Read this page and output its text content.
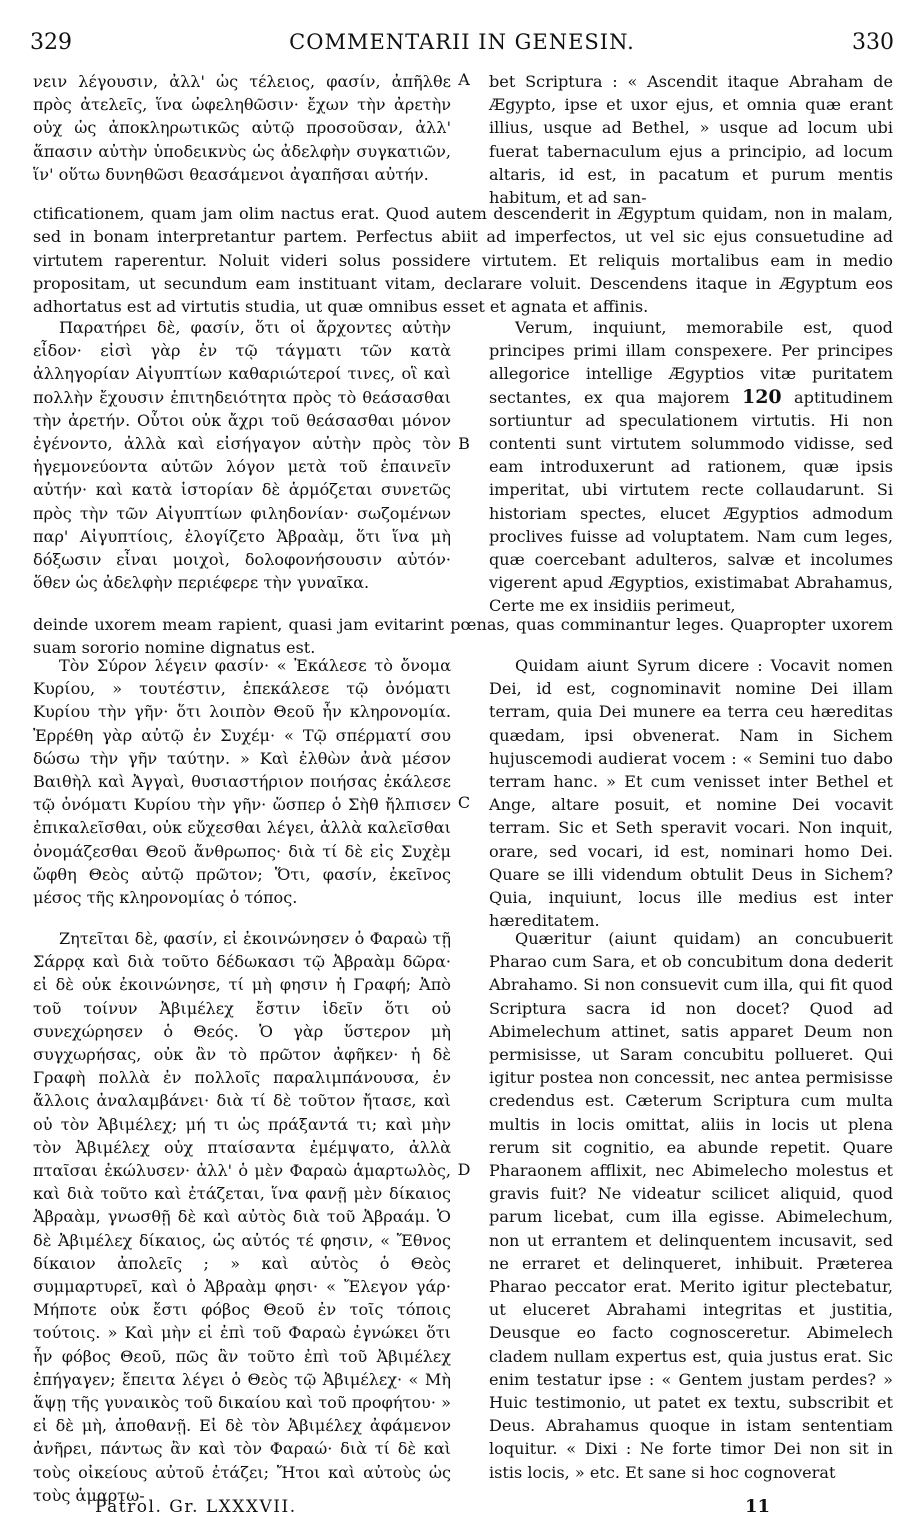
329	COMMENTARII IN GENESIN.	330

νειν λέγουσιν, ἀλλ' ὡς τέλειος, φασίν, ἀπῆλθε πρὸς ἀτελεῖς, ἵνα ὠφεληθῶσιν· ἔχων τὴν ἀρετὴν οὐχ ὡς ἀποκληρωτικῶς αὐτῷ προσοῦσαν, ἀλλ' ἅπασιν αὐτὴν ὑποδεικνὺς ὡς ἀδελφὴν συγκατιῶν, ἵν' οὕτω δυνηθῶσι θεασάμενοι ἀγαπῆσαι αὐτήν.

A bet Scriptura : « Ascendit itaque Abraham de Ægypto, ipse et uxor ejus, et omnia quæ erant illius, usque ad Bethel, » usque ad locum ubi fuerat tabernaculum ejus a principio, ad locum altaris, id est, in pacatum et purum mentis habitum, et ad san-

ctificationem, quam jam olim nactus erat. Quod autem descenderit in Ægyptum quidam, non in malam, sed in bonam interpretantur partem. Perfectus abiit ad imperfectos, ut vel sic ejus consuetudine ad virtutem raperentur. Noluit videri solus possidere virtutem. Et reliquis mortalibus eam in medio propositam, ut secundum eam instituant vitam, declarare voluit. Descendens itaque in Ægyptum eos adhortatus est ad virtutis studia, ut quæ omnibus esset et agnata et affinis.

Παρατήρει δὲ, φασίν, ὅτι οἱ ἄρχοντες αὐτὴν εἶδον· εἰσὶ γὰρ ἐν τῷ τάγματι τῶν κατὰ ἀλληγορίαν Αἰγυπτίων καθαριώτεροί τινες, οἳ καὶ πολλὴν ἔχουσιν ἐπιτηδειότητα πρὸς τὸ θεάσασθαι τὴν ἀρετήν. Οὗτοι οὐκ ἄχρι τοῦ θεάσασθαι μόνον ἐγένοντο, ἀλλὰ καὶ εἰσήγαγον αὐτὴν πρὸς τὸν ἡγεμονεύοντα αὐτῶν λόγον μετὰ τοῦ ἐπαινεῖν αὐτήν· καὶ κατὰ ἱστορίαν δὲ ἁρμόζεται συνετῶς πρὸς τὴν τῶν Αἰγυπτίων φιληδονίαν· σωζομένων παρ' Αἰγυπτίοις, ἐλογίζετο Ἀβραὰμ, ὅτι ἵνα μὴ δόξωσιν εἶναι μοιχοὶ, δολοφονήσουσιν αὐτόν· ὅθεν ὡς ἀδελφὴν περιέφερε τὴν γυναῖκα.

B

Verum, inquiunt, memorabile est, quod principes primi illam conspexere. Per principes allegorice intellige Ægyptios vitæ puritatem sectantes, ex qua majorem 120 aptitudinem sortiuntur ad speculationem virtutis. Hi non contenti sunt virtutem solummodo vidisse, sed eam introduxerunt ad rationem, quæ ipsis imperitat, ubi virtutem recte collaudarunt. Si historiam spectes, elucet Ægyptios admodum proclives fuisse ad voluptatem. Nam cum leges, quæ coercebant adulteros, salvæ et incolumes vigerent apud Ægyptios, existimabat Abrahamus, Certe me ex insidiis perimeut,

deinde uxorem meam rapient, quasi jam evitarint pœnas, quas comminantur leges. Quapropter uxorem suam sororio nomine dignatus est.

Τὸν Σύρον λέγειν φασίν· « Ἐκάλεσε τὸ ὄνομα Κυρίου, » τουτέστιν, ἐπεκάλεσε τῷ ὀνόματι Κυρίου τὴν γῆν· ὅτι λοιπὸν Θεοῦ ἦν κληρονομία. Ἐρρέθη γὰρ αὐτῷ ἐν Συχέμ· « Τῷ σπέρματί σου δώσω τὴν γῆν ταύτην. » Καὶ ἐλθὼν ἀνὰ μέσον Βαιθὴλ καὶ Ἀγγαὶ, θυσιαστήριον ποιήσας ἐκάλεσε τῷ ὀνόματι Κυρίου τὴν γῆν· ὥσπερ ὁ Σὴθ ἤλπισεν ἐπικαλεῖσθαι, οὐκ εὔχεσθαι λέγει, ἀλλὰ καλεῖσθαι ὀνομάζεσθαι Θεοῦ ἄνθρωπος· διὰ τί δὲ εἰς Συχὲμ ὤφθη Θεὸς αὐτῷ πρῶτον; Ὅτι, φασίν, ἐκεῖνος μέσος τῆς κληρονομίας ὁ τόπος.

C

Quidam aiunt Syrum dicere : Vocavit nomen Dei, id est, cognominavit nomine Dei illam terram, quia Dei munere ea terra ceu hæreditas quædam, ipsi obvenerat. Nam in Sichem hujuscemodi audierat vocem : « Semini tuo dabo terram hanc. » Et cum venisset inter Bethel et Ange, altare posuit, et nomine Dei vocavit terram. Sic et Seth speravit vocari. Non inquit, orare, sed vocari, id est, nominari homo Dei. Quare se illi videndum obtulit Deus in Sichem? Quia, inquiunt, locus ille medius est inter hæreditatem.

Ζητεῖται δὲ, φασίν, εἰ ἐκοινώνησεν ὁ Φαραὼ τῇ Σάρρᾳ καὶ διὰ τοῦτο δέδωκασι τῷ Ἀβραὰμ δῶρα· εἰ δὲ οὐκ ἐκοινώνησε, τί μὴ φησιν ἡ Γραφή; Ἀπὸ τοῦ τοίνυν Ἀβιμέλεχ ἔστιν ἰδεῖν ὅτι οὐ συνεχώρησεν ὁ Θεός. Ὁ γὰρ ὕστερον μὴ συγχωρήσας, οὐκ ἂν τὸ πρῶτον ἀφῆκεν· ἡ δὲ Γραφὴ πολλὰ ἐν πολλοῖς παραλιμπάνουσα, ἐν ἄλλοις ἀναλαμβάνει· διὰ τί δὲ τοῦτον ἤτασε, καὶ οὐ τὸν Ἀβιμέλεχ; μή τι ὡς πράξαντά τι; καὶ μὴν τὸν Ἀβιμέλεχ οὐχ πταίσαντα ἐμέμψατο, ἀλλὰ πταῖσαι ἐκώλυσεν· ἀλλ' ὁ μὲν Φαραὼ ἁμαρτωλὸς, καὶ διὰ τοῦτο καὶ ἐτάζεται, ἵνα φανῇ μὲν δίκαιος Ἀβραὰμ, γνωσθῇ δὲ καὶ αὐτὸς διὰ τοῦ Ἀβραάμ. Ὁ δὲ Ἀβιμέλεχ δίκαιος, ὡς αὐτός τέ φησιν, « Ἔθνος δίκαιον ἀπολεῖς ; » καὶ αὐτὸς ὁ Θεὸς συμμαρτυρεῖ, καὶ ὁ Ἀβραὰμ φησι· « Ἔλεγον γάρ· Μήποτε οὐκ ἔστι φόβος Θεοῦ ἐν τοῖς τόποις τούτοις. » Καὶ μὴν εἰ ἐπὶ τοῦ Φαραὼ ἐγνώκει ὅτι ἦν φόβος Θεοῦ, πῶς ἂν τοῦτο ἐπὶ τοῦ Ἀβιμέλεχ ἐπήγαγεν; ἔπειτα λέγει ὁ Θεὸς τῷ Ἀβιμέλεχ· « Μὴ ἅψῃ τῆς γυναικὸς τοῦ δικαίου καὶ τοῦ προφήτου· » εἰ δὲ μὴ, ἀποθανῇ. Εἰ δὲ τὸν Ἀβιμέλεχ ἀφάμενον ἀνῆρει, πάντως ἂν καὶ τὸν Φαραώ· διὰ τί δὲ καὶ τοὺς οἰκείους αὐτοῦ ἐτάζει; Ἤτοι καὶ αὐτοὺς ὡς τοὺς ἁμαρτω-

D

Quæritur (aiunt quidam) an concubuerit Pharao cum Sara, et ob concubitum dona dederit Abrahamo. Si non consuevit cum illa, qui fit quod Scriptura sacra id non docet? Quod ad Abimelechum attinet, satis apparet Deum non permisisse, ut Saram concubitu pollueret. Qui igitur postea non concessit, nec antea permisisse credendus est. Cæterum Scriptura cum multa multis in locis omittat, aliis in locis ut plena rerum sit cognitio, ea abunde repetit. Quare Pharaonem afflixit, nec Abimelecho molestus et gravis fuit? Ne videatur scilicet aliquid, quod parum licebat, cum illa egisse. Abimelechum, non ut errantem et delinquentem incusavit, sed ne erraret et delinqueret, inhibuit. Præterea Pharao peccator erat. Merito igitur plectebatur, ut eluceret Abrahami integritas et justitia, Deusque eo facto cognosceretur. Abimelech cladem nullam expertus est, quia justus erat. Sic enim testatur ipse : « Gentem justam perdes? » Huic testimonio, ut patet ex textu, subscribit et Deus. Abrahamus quoque in istam sententiam loquitur. « Dixi : Ne forte timor Dei non sit in istis locis, » etc. Et sane si hoc cognoverat

Patrol. Gr. LXXXVII.	11
